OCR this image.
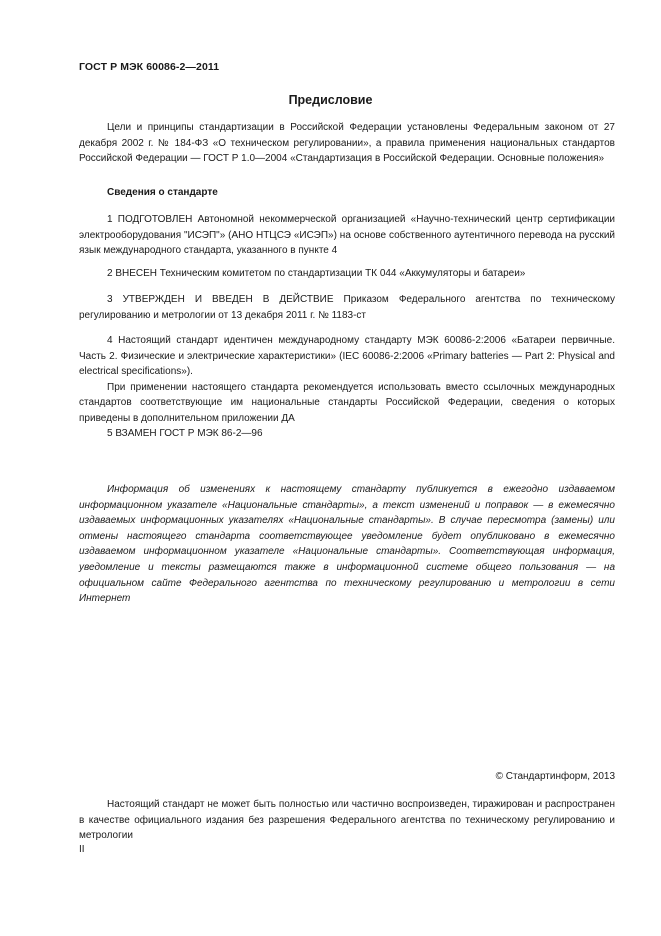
ГОСТ Р МЭК 60086-2—2011
Предисловие

Цели и принципы стандартизации в Российской Федерации установлены Федеральным законом от 27 декабря 2002 г. № 184-ФЗ «О техническом регулировании», а правила применения национальных стандартов Российской Федерации — ГОСТ Р 1.0—2004 «Стандартизация в Российской Федерации. Основные положения»

Сведения о стандарте

1 ПОДГОТОВЛЕН Автономной некоммерческой организацией «Научно-технический центр сертификации электрооборудования "ИСЭП"» (АНО НТЦСЭ «ИСЭП») на основе собственного аутентичного перевода на русский язык международного стандарта, указанного в пункте 4

2 ВНЕСЕН Техническим комитетом по стандартизации ТК 044 «Аккумуляторы и батареи»

3 УТВЕРЖДЕН И ВВЕДЕН В ДЕЙСТВИЕ Приказом Федерального агентства по техническому регулированию и метрологии от 13 декабря 2011 г. № 1183-ст

4 Настоящий стандарт идентичен международному стандарту МЭК 60086-2:2006 «Батареи первичные. Часть 2. Физические и электрические характеристики» (IEC 60086-2:2006 «Primary batteries — Part 2: Physical and electrical specifications»).

При применении настоящего стандарта рекомендуется использовать вместо ссылочных международных стандартов соответствующие им национальные стандарты Российской Федерации, сведения о которых приведены в дополнительном приложении ДА

5 ВЗАМЕН ГОСТ Р МЭК 86-2—96

Информация об изменениях к настоящему стандарту публикуется в ежегодно издаваемом информационном указателе «Национальные стандарты», а текст изменений и поправок — в ежемесячно издаваемых информационных указателях «Национальные стандарты». В случае пересмотра (замены) или отмены настоящего стандарта соответствующее уведомление будет опубликовано в ежемесячно издаваемом информационном указателе «Национальные стандарты». Соответствующая информация, уведомление и тексты размещаются также в информационной системе общего пользования — на официальном сайте Федерального агентства по техническому регулированию и метрологии в сети Интернет

© Стандартинформ, 2013

Настоящий стандарт не может быть полностью или частично воспроизведен, тиражирован и распространен в качестве официального издания без разрешения Федерального агентства по техническому регулированию и метрологии

II
